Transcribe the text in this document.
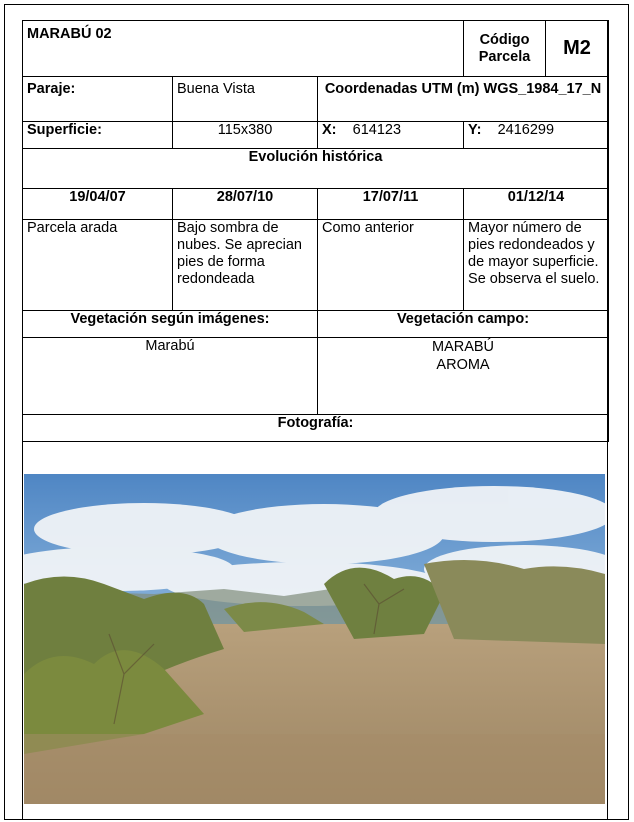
MARABÚ 02			Código Parcela	M2
Paraje:	Buena Vista	Coordenadas UTM (m) WGS_1984_17_N		
Superficie:	115x380	X: 614123	Y: 2416299	
Evolución histórica				
19/04/07	28/07/10	17/07/11	01/12/14	
Parcela arada	Bajo sombra de nubes. Se aprecian pies de forma redondeada	Como anterior	Mayor número de pies redondeados y de mayor superficie. Se observa el suelo.	
Vegetación según imágenes:		Vegetación campo:		
Marabú		MARABÚ
AROMA		

Fotografía:				
